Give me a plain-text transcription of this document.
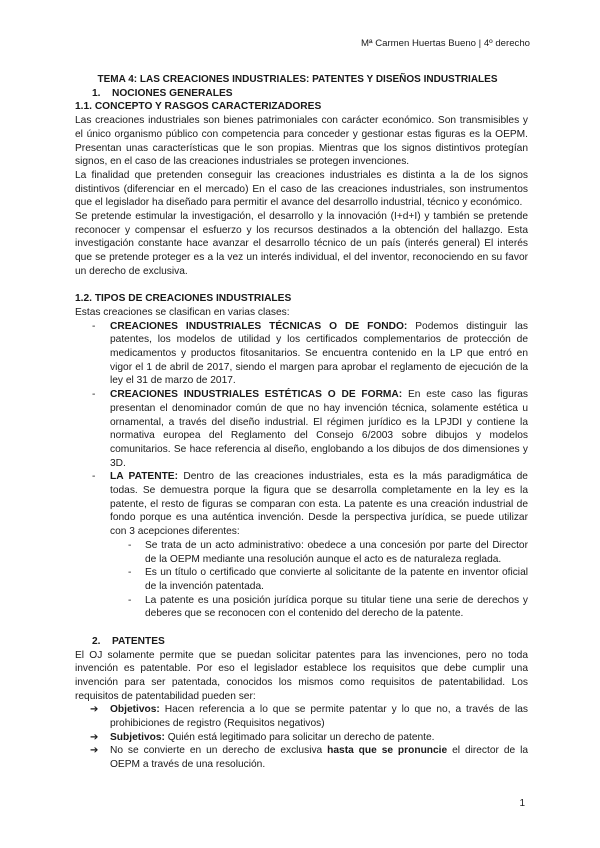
Mª Carmen Huertas Bueno | 4º derecho

TEMA 4: LAS CREACIONES INDUSTRIALES: PATENTES Y DISEÑOS INDUSTRIALES

1. NOCIONES GENERALES

1.1. CONCEPTO Y RASGOS CARACTERIZADORES

Las creaciones industriales son bienes patrimoniales con carácter económico. Son transmisibles y el único organismo público con competencia para conceder y gestionar estas figuras es la OEPM. Presentan unas características que le son propias. Mientras que los signos distintivos protegían signos, en el caso de las creaciones industriales se protegen invenciones.

La finalidad que pretenden conseguir las creaciones industriales es distinta a la de los signos distintivos (diferenciar en el mercado) En el caso de las creaciones industriales, son instrumentos que el legislador ha diseñado para permitir el avance del desarrollo industrial, técnico y económico.

Se pretende estimular la investigación, el desarrollo y la innovación (I+d+I) y también se pretende reconocer y compensar el esfuerzo y los recursos destinados a la obtención del hallazgo. Esta investigación constante hace avanzar el desarrollo técnico de un país (interés general) El interés que se pretende proteger es a la vez un interés individual, el del inventor, reconociendo en su favor un derecho de exclusiva.

1.2. TIPOS DE CREACIONES INDUSTRIALES

Estas creaciones se clasifican en varias clases:

-	CREACIONES INDUSTRIALES TÉCNICAS O DE FONDO: Podemos distinguir las patentes, los modelos de utilidad y los certificados complementarios de protección de medicamentos y productos fitosanitarios. Se encuentra contenido en la LP que entró en vigor el 1 de abril de 2017, siendo el margen para aprobar el reglamento de ejecución de la ley el 31 de marzo de 2017.
-	CREACIONES INDUSTRIALES ESTÉTICAS O DE FORMA: En este caso las figuras presentan el denominador común de que no hay invención técnica, solamente estética u ornamental, a través del diseño industrial. El régimen jurídico es la LPJDI y contiene la normativa europea del Reglamento del Consejo 6/2003 sobre dibujos y modelos comunitarios. Se hace referencia al diseño, englobando a los dibujos de dos dimensiones y 3D.
-	LA PATENTE: Dentro de las creaciones industriales, esta es la más paradigmática de todas. Se demuestra porque la figura que se desarrolla completamente en la ley es la patente, el resto de figuras se comparan con esta. La patente es una creación industrial de fondo porque es una auténtica invención. Desde la perspectiva jurídica, se puede utilizar con 3 acepciones diferentes:
-	Se trata de un acto administrativo: obedece a una concesión por parte del Director de la OEPM mediante una resolución aunque el acto es de naturaleza reglada.
-	Es un título o certificado que convierte al solicitante de la patente en inventor oficial de la invención patentada.
-	La patente es una posición jurídica porque su titular tiene una serie de derechos y deberes que se reconocen con el contenido del derecho de la patente.

2. PATENTES

El OJ solamente permite que se puedan solicitar patentes para las invenciones, pero no toda invención es patentable. Por eso el legislador establece los requisitos que debe cumplir una invención para ser patentada, conocidos los mismos como requisitos de patentabilidad. Los requisitos de patentabilidad pueden ser:

➔	Objetivos: Hacen referencia a lo que se permite patentar y lo que no, a través de las prohibiciones de registro (Requisitos negativos)
➔	Subjetivos: Quién está legitimado para solicitar un derecho de patente.
➔	No se convierte en un derecho de exclusiva hasta que se pronuncie el director de la OEPM a través de una resolución.
1
